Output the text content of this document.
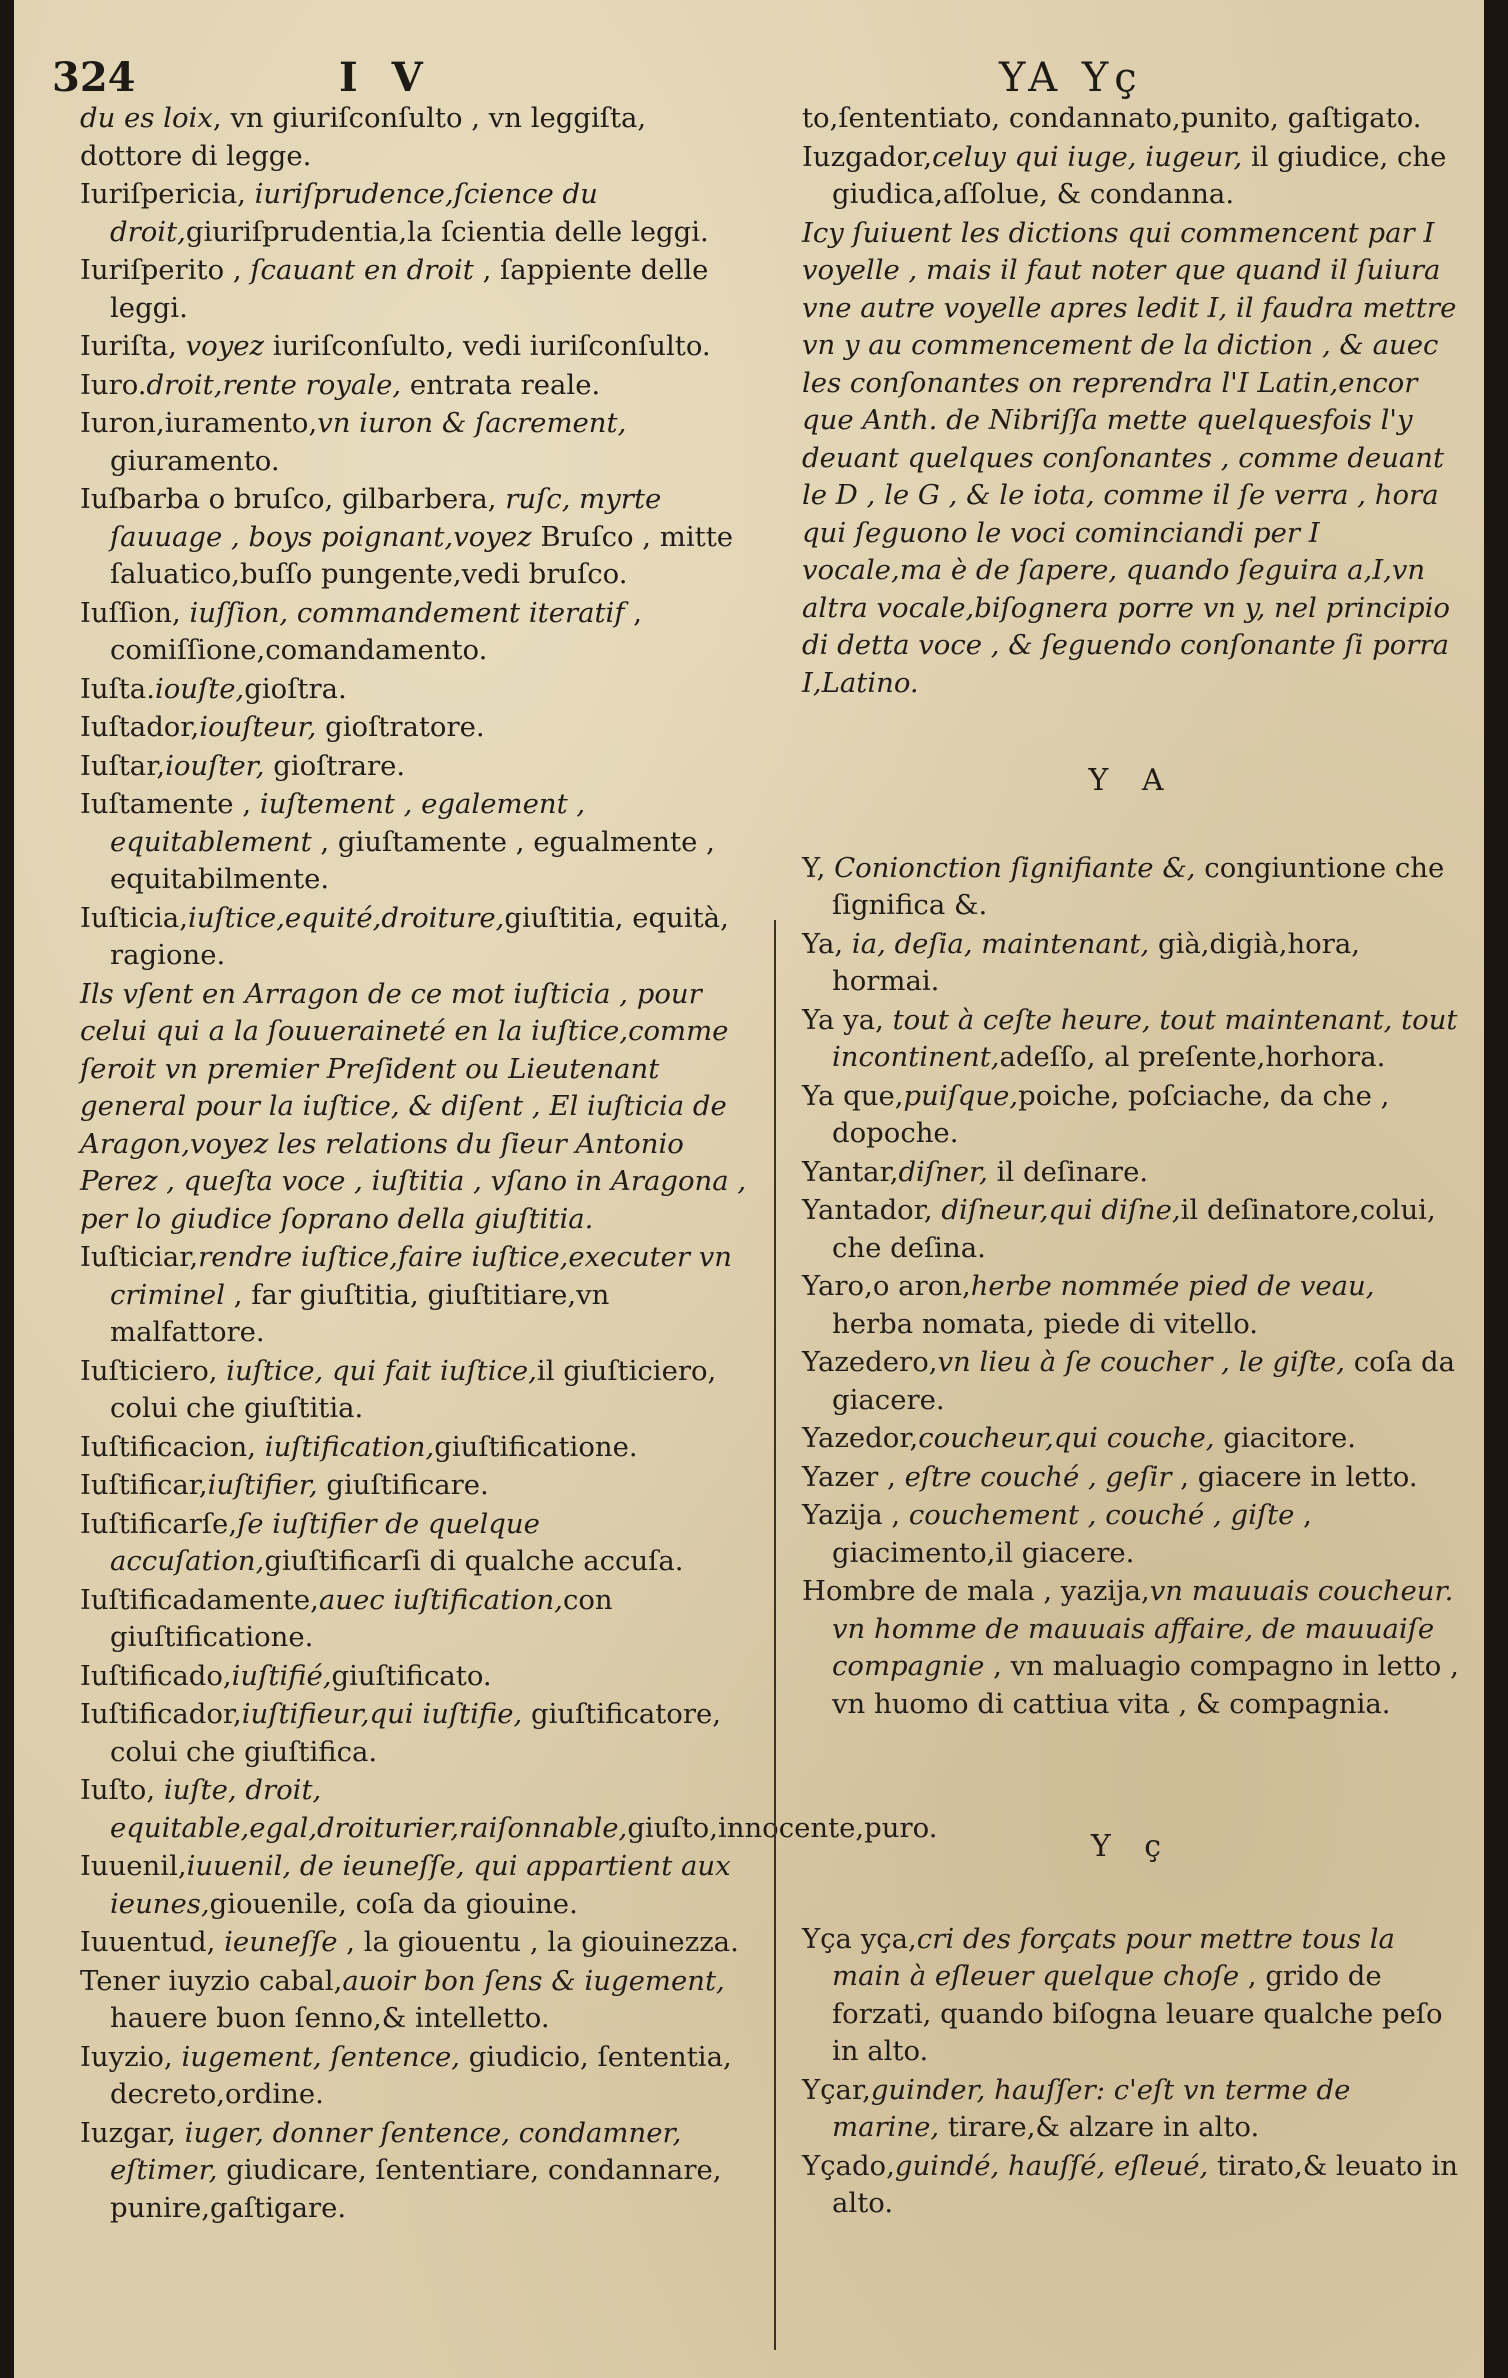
324	I V	YA Yç
du es loix, vn giuriſconſulto , vn leggiſta, dottore di legge.
Iuriſpericia, iuriſprudence,ſcience du droit,giuriſprudentia,la ſcientia delle leggi.
Iuriſperito , ſcauant en droit , ſappiente delle leggi.
Iuriſta, voyez iuriſconſulto, vedi iuriſconſulto.
Iuro.droit,rente royale, entrata reale.
Iuron,iuramento,vn iuron & ſacrement, giuramento.
Iuſbarba o bruſco, gilbarbera, ruſc, myrte ſauuage , boys poignant,voyez Bruſco , mitte ſaluatico,buſſo pungente,vedi bruſco.
Iuſſion, iuſſion, commandement iteratif , comiſſione,comandamento.
Iuſta.iouſte,gioſtra.
Iuſtador,iouſteur, gioſtratore.
Iuſtar,iouſter, gioſtrare.
Iuſtamente , iuſtement , egalement , equitablement , giuſtamente , egualmente , equitabilmente.
Iuſticia,iuſtice,equité,droiture,giuſtitia, equità, ragione.
Ils vſent en Arragon de ce mot iuſticia , pour celui qui a la ſouueraineté en la iuſtice,comme ſeroit vn premier Preſident ou Lieutenant general pour la iuſtice, & diſent , El iuſticia de Aragon,voyez les relations du ſieur Antonio Perez , queſta voce , iuſtitia , vſano in Aragona , per lo giudice ſoprano della giuſtitia.
Iuſticiar,rendre iuſtice,faire iuſtice,executer vn criminel , far giuſtitia, giuſtitiare,vn malfattore.
Iuſticiero, iuſtice, qui fait iuſtice,il giuſticiero, colui che giuſtitia.
Iuſtificacion, iuſtification,giuſtificatione.
Iuſtificar,iuſtifier, giuſtificare.
Iuſtificarſe,ſe iuſtifier de quelque accuſation,giuſtificarſi di qualche accuſa.
Iuſtificadamente,auec iuſtification,con giuſtificatione.
Iuſtificado,iuſtifié,giuſtificato.
Iuſtificador,iuſtifieur,qui iuſtifie, giuſtificatore, colui che giuſtifica.
Iuſto, iuſte, droit, equitable,egal,droiturier,raiſonnable,giuſto,innocente,puro.
Iuuenil,iuuenil, de ieuneſſe, qui appartient aux ieunes,giouenile, coſa da giouine.
Iuuentud, ieuneſſe , la giouentu , la giouinezza.
Tener iuyzio cabal,auoir bon ſens & iugement, hauere buon ſenno,& intelletto.
Iuyzio, iugement, ſentence, giudicio, ſententia, decreto,ordine.
Iuzgar, iuger, donner ſentence, condamner, eſtimer, giudicare, ſententiare, condannare, punire,gaſtigare.
to,ſententiato, condannato,punito, gaſtigato.
Iuzgador,celuy qui iuge, iugeur, il giudice, che giudica,aſſolue, & condanna.
Icy ſuiuent les dictions qui commencent par I voyelle , mais il faut noter que quand il ſuiura vne autre voyelle apres ledit I, il faudra mettre vn y au commencement de la diction , & auec les conſonantes on reprendra l'I Latin,encor que Anth. de Nibriſſa mette quelquesfois l'y deuant quelques conſonantes , comme deuant le D , le G , & le iota, comme il ſe verra , hora qui ſeguono le voci cominciandi per I vocale,ma è de ſapere, quando ſeguira a,I,vn altra vocale,biſognera porre vn y, nel principio di detta voce , & ſeguendo conſonante ſi porra I,Latino.
Y A
Y, Conionction ſignifiante &, congiuntione che ſignifica &.
Ya, ia, deſia, maintenant, già,digià,hora, hormai.
Ya ya, tout à ceſte heure, tout maintenant, tout incontinent,adeſſo, al preſente,horhora.
Ya que,puiſque,poiche, poſciache, da che , dopoche.
Yantar,diſner, il deſinare.
Yantador, diſneur,qui diſne,il deſinatore,colui, che deſina.
Yaro,o aron,herbe nommée pied de veau, herba nomata, piede di vitello.
Yazedero,vn lieu à ſe coucher , le giſte, coſa da giacere.
Yazedor,coucheur,qui couche, giacitore.
Yazer , eſtre couché , geſir , giacere in letto.
Yazija , couchement , couché , giſte , giacimento,il giacere.
Hombre de mala , yazija,vn mauuais coucheur. vn homme de mauuais affaire, de mauuaiſe compagnie , vn maluagio compagno in letto , vn huomo di cattiua vita , & compagnia.
Y ç
Yça yça,cri des forçats pour mettre tous la main à eſleuer quelque choſe , grido de forzati, quando biſogna leuare qualche peſo in alto.
Yçar,guinder, hauſſer: c'eſt vn terme de marine, tirare,& alzare in alto.
Yçado,guindé, hauſſé, eſleué, tirato,& leuato in alto.
